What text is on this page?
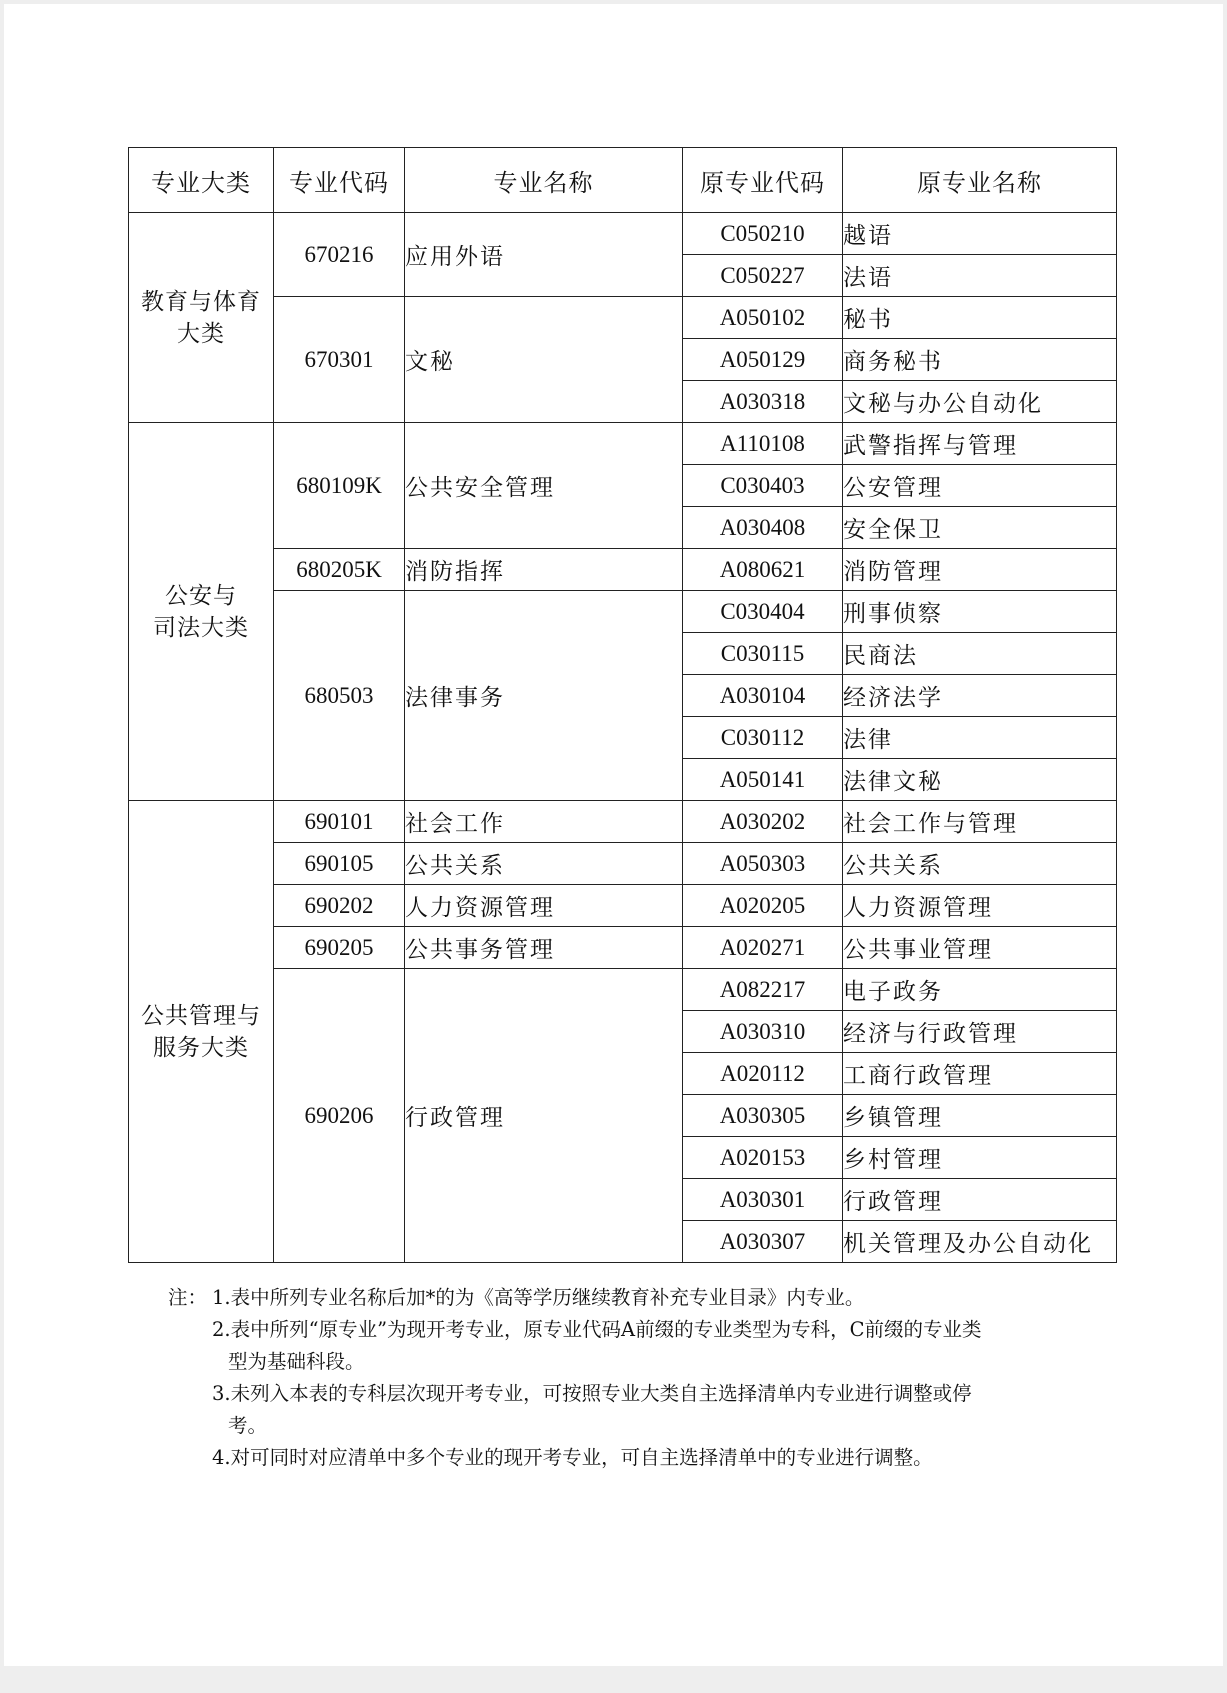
专业大类	专业代码	专业名称	原专业代码	原专业名称

教育与体育
大类	670216	应用外语	C050210	越语
			C050227	法语
	670301	文秘	A050102	秘书
			A050129	商务秘书
			A030318	文秘与办公自动化

公安与
司法大类	680109K	公共安全管理	A110108	武警指挥与管理
			C030403	公安管理
			A030408	安全保卫
	680205K	消防指挥	A080621	消防管理
	680503	法律事务	C030404	刑事侦察
			C030115	民商法
			A030104	经济法学
			C030112	法律
			A050141	法律文秘

公共管理与
服务大类	690101	社会工作	A030202	社会工作与管理
	690105	公共关系	A050303	公共关系
	690202	人力资源管理	A020205	人力资源管理
	690205	公共事务管理	A020271	公共事业管理
	690206	行政管理	A082217	电子政务
			A030310	经济与行政管理
			A020112	工商行政管理
			A030305	乡镇管理
			A020153	乡村管理
			A030301	行政管理
			A030307	机关管理及办公自动化
注： 1.表中所列专业名称后加*的为《高等学历继续教育补充专业目录》内专业。
2.表中所列“原专业”为现开考专业，原专业代码A前缀的专业类型为专科，C前缀的专业类
型为基础科段。
3.未列入本表的专科层次现开考专业，可按照专业大类自主选择清单内专业进行调整或停
考。
4.对可同时对应清单中多个专业的现开考专业，可自主选择清单中的专业进行调整。
